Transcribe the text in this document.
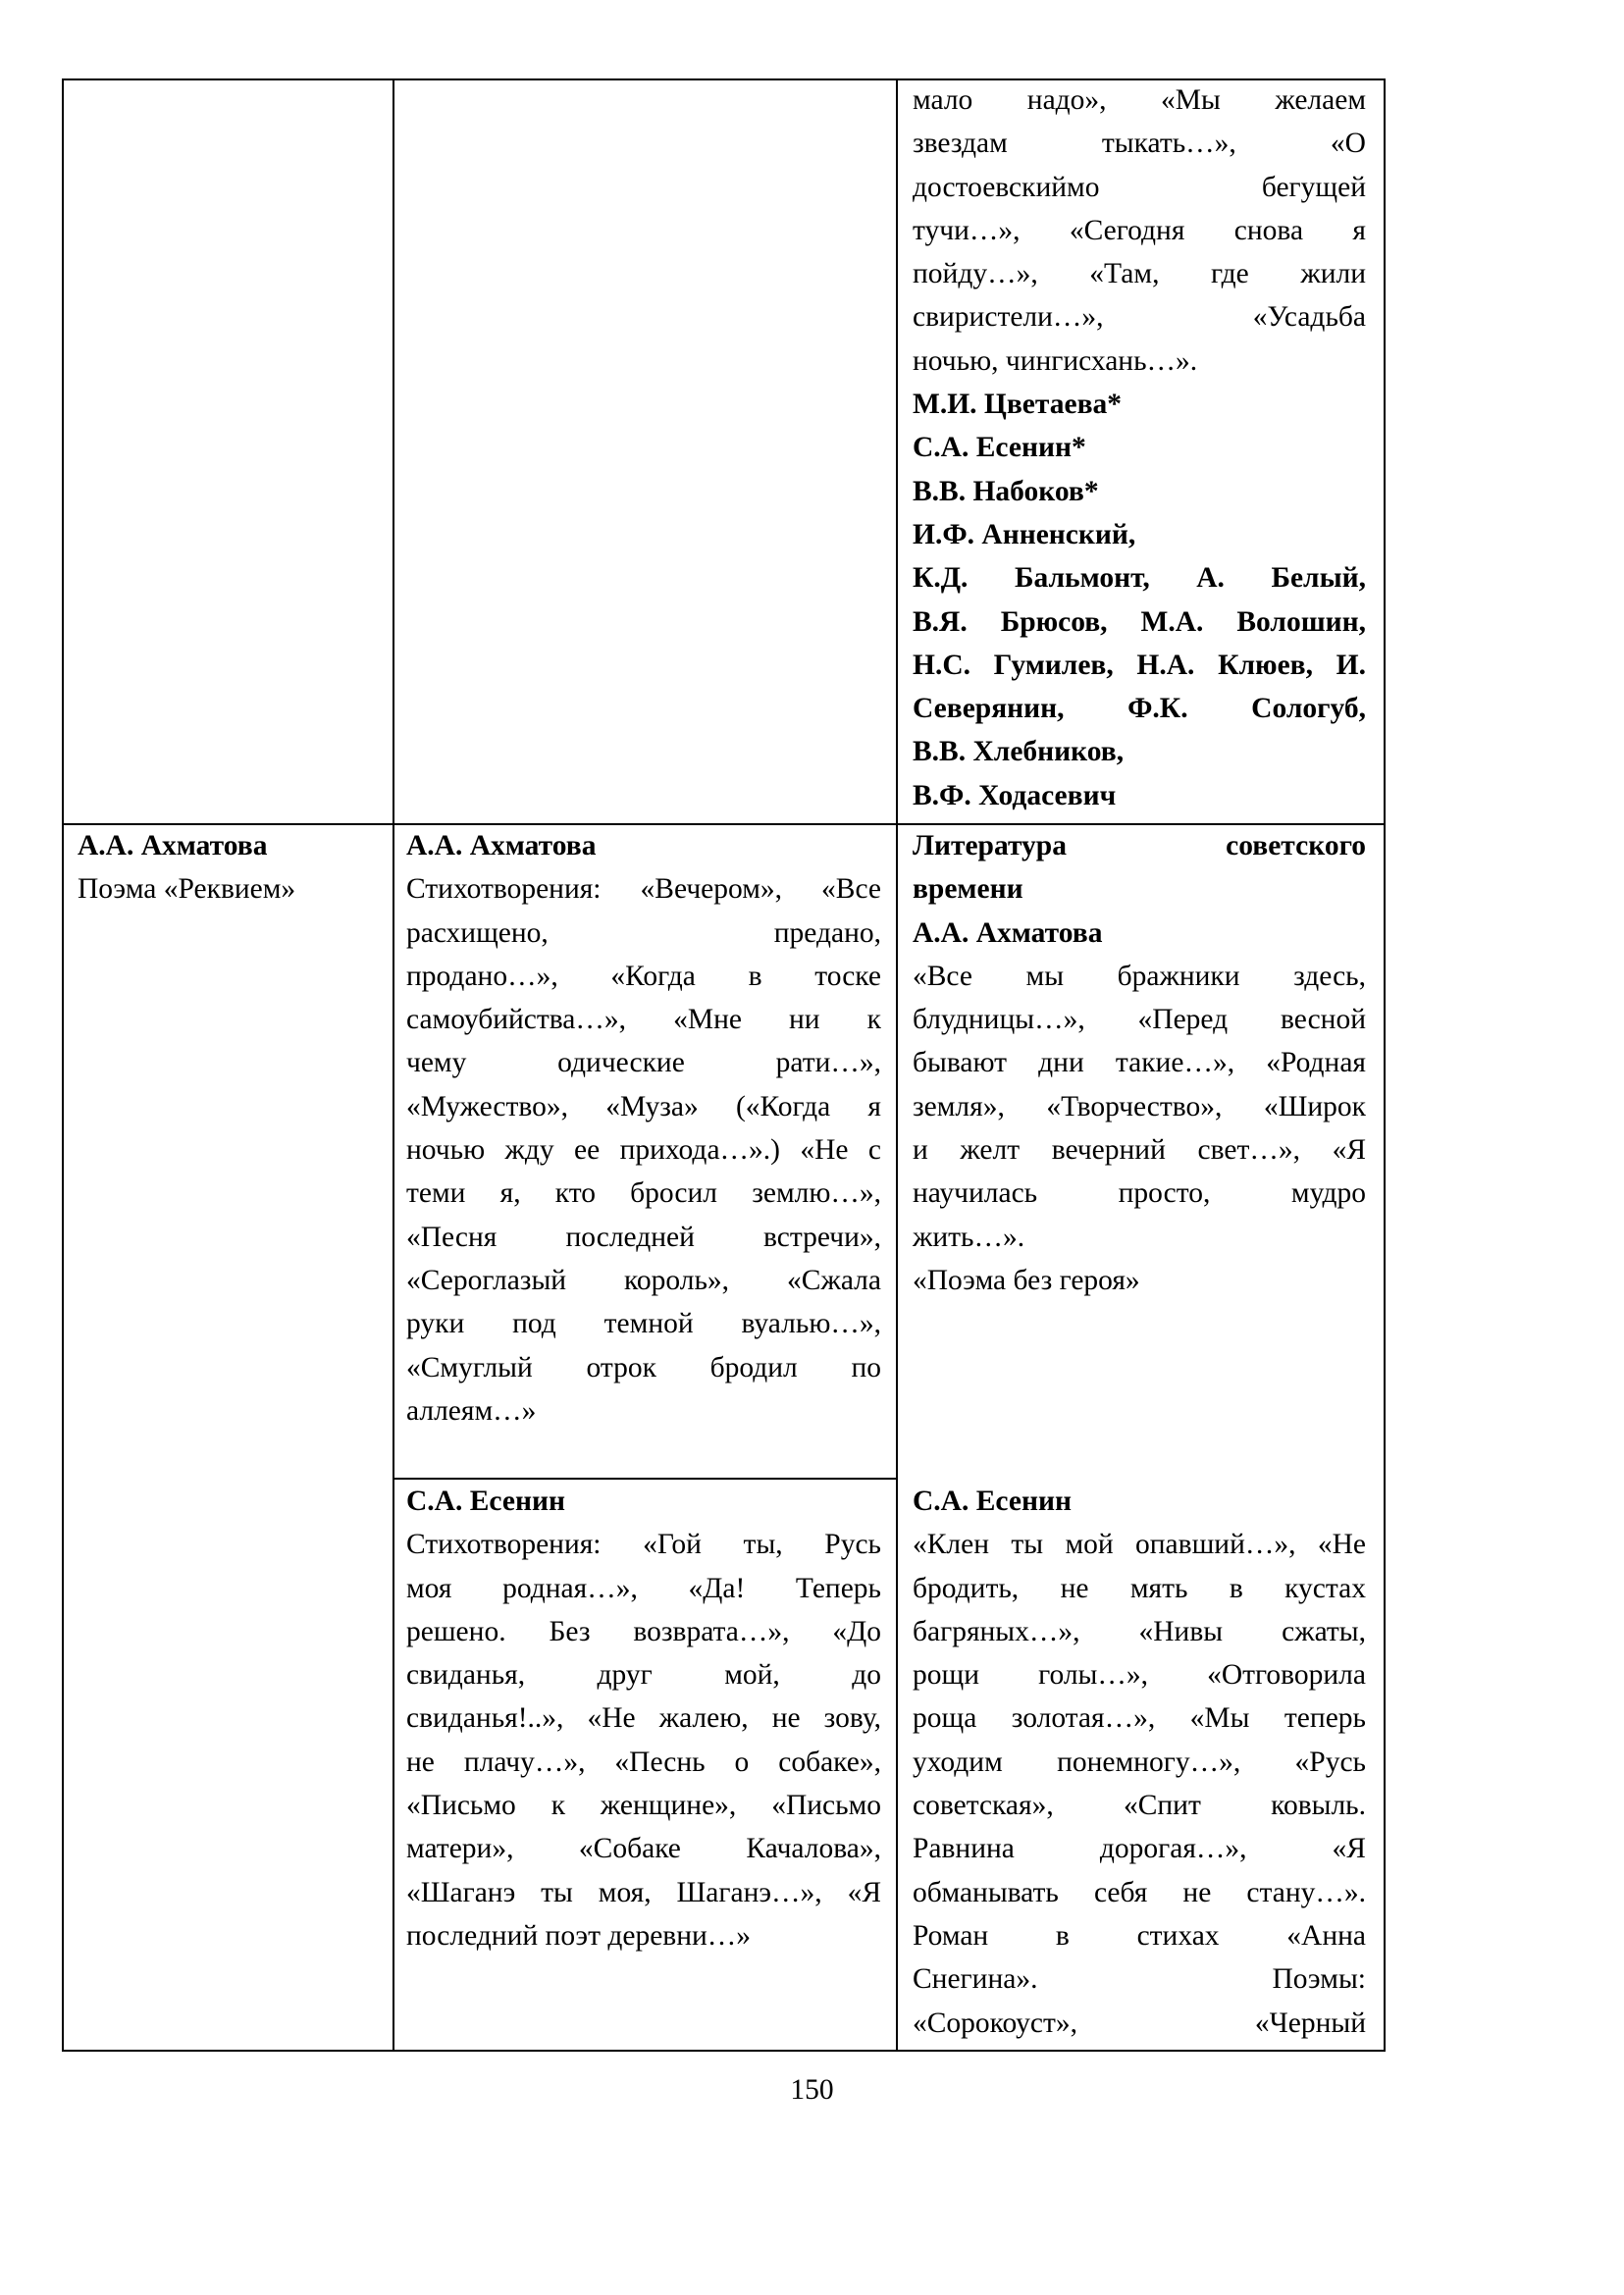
мало надо», «Мы желаем
звездам тыкать…», «О
достоевскиймо бегущей
тучи…», «Сегодня снова я
пойду…», «Там, где жили
свиристели…», «Усадьба
ночью, чингисхань…».
М.И. Цветаева*
С.А. Есенин*
В.В. Набоков*
И.Ф. Анненский,
К.Д. Бальмонт, А. Белый,
В.Я. Брюсов, М.А. Волошин,
Н.С. Гумилев, Н.А. Клюев, И.
Северянин, Ф.К. Сологуб,
В.В. Хлебников,
В.Ф. Ходасевич
А.А. Ахматова
Поэма «Реквием»
А.А. Ахматова
Стихотворения: «Вечером», «Все
расхищено, предано,
продано…», «Когда в тоске
самоубийства…», «Мне ни к
чему одические рати…»,
«Мужество», «Муза» («Когда я
ночью жду ее прихода…».) «Не с
теми я, кто бросил землю…»,
«Песня последней встречи»,
«Сероглазый король», «Сжала
руки под темной вуалью…»,
«Смуглый отрок бродил по
аллеям…»
С.А. Есенин
Стихотворения: «Гой ты, Русь
моя родная…», «Да! Теперь
решено. Без возврата…», «До
свиданья, друг мой, до
свиданья!..», «Не жалею, не зову,
не плачу…», «Песнь о собаке»,
«Письмо к женщине», «Письмо
матери», «Собаке Качалова»,
«Шаганэ ты моя, Шаганэ…», «Я
последний поэт деревни…»
Литература советского
времени
А.А. Ахматова
«Все мы бражники здесь,
блудницы…», «Перед весной
бывают дни такие…», «Родная
земля», «Творчество», «Широк
и желт вечерний свет…», «Я
научилась просто, мудро
жить…».
«Поэма без героя»
С.А. Есенин
«Клен ты мой опавший…», «Не
бродить, не мять в кустах
багряных…», «Нивы сжаты,
рощи голы…», «Отговорила
роща золотая…», «Мы теперь
уходим понемногу…», «Русь
советская», «Спит ковыль.
Равнина дорогая…», «Я
обманывать себя не стану…».
Роман в стихах «Анна
Снегина». Поэмы:
«Сорокоуст», «Черный
150
